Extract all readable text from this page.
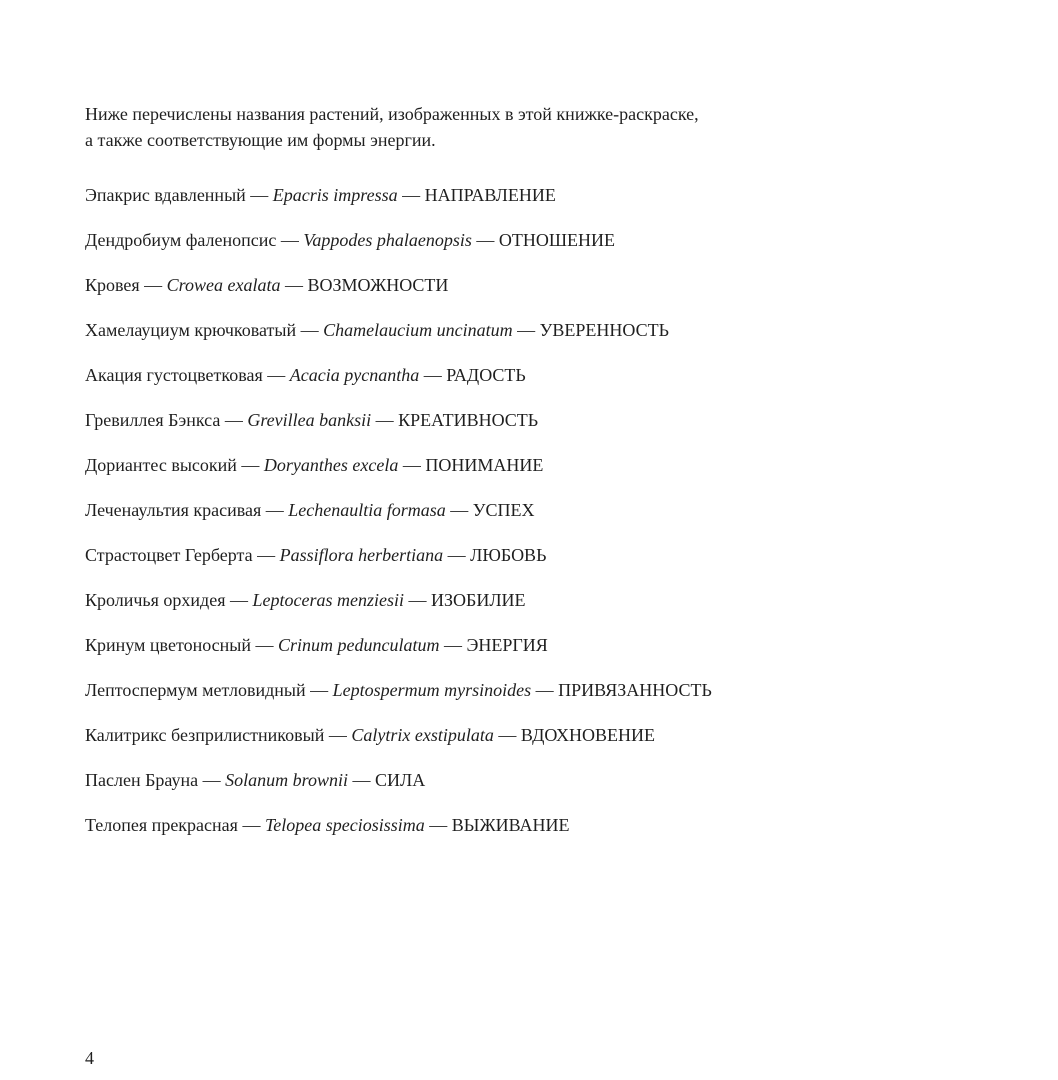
Ниже перечислены названия растений, изображенных в этой книжке-раскраске,

а также соответствующие им формы энергии.

Эпакрис вдавленный — Epacris impressa — НАПРАВЛЕНИЕ
Дендробиум фаленопсис — Vappodes phalaenopsis — ОТНОШЕНИЕ
Кровея — Crowea exalata — ВОЗМОЖНОСТИ
Хамелауциум крючковатый — Chamelaucium uncinatum — УВЕРЕННОСТЬ
Акация густоцветковая — Acacia pycnantha — РАДОСТЬ
Гревиллея Бэнкса — Grevillea banksii — КРЕАТИВНОСТЬ
Дориантес высокий — Doryanthes excela — ПОНИМАНИЕ
Леченаультия красивая — Lechenaultia formasa — УСПЕХ
Страстоцвет Герберта — Passiflora herbertiana — ЛЮБОВЬ
Кроличья орхидея — Leptoceras menziesii — ИЗОБИЛИЕ
Кринум цветоносный — Crinum pedunculatum — ЭНЕРГИЯ
Лептоспермум метловидный — Leptospermum myrsinoides — ПРИВЯЗАННОСТЬ
Калитрикс безприлистниковый — Calytrix exstipulata — ВДОХНОВЕНИЕ
Паслен Брауна — Solanum brownii — СИЛА
Телопея прекрасная — Telopea speciosissima — ВЫЖИВАНИЕ

4
